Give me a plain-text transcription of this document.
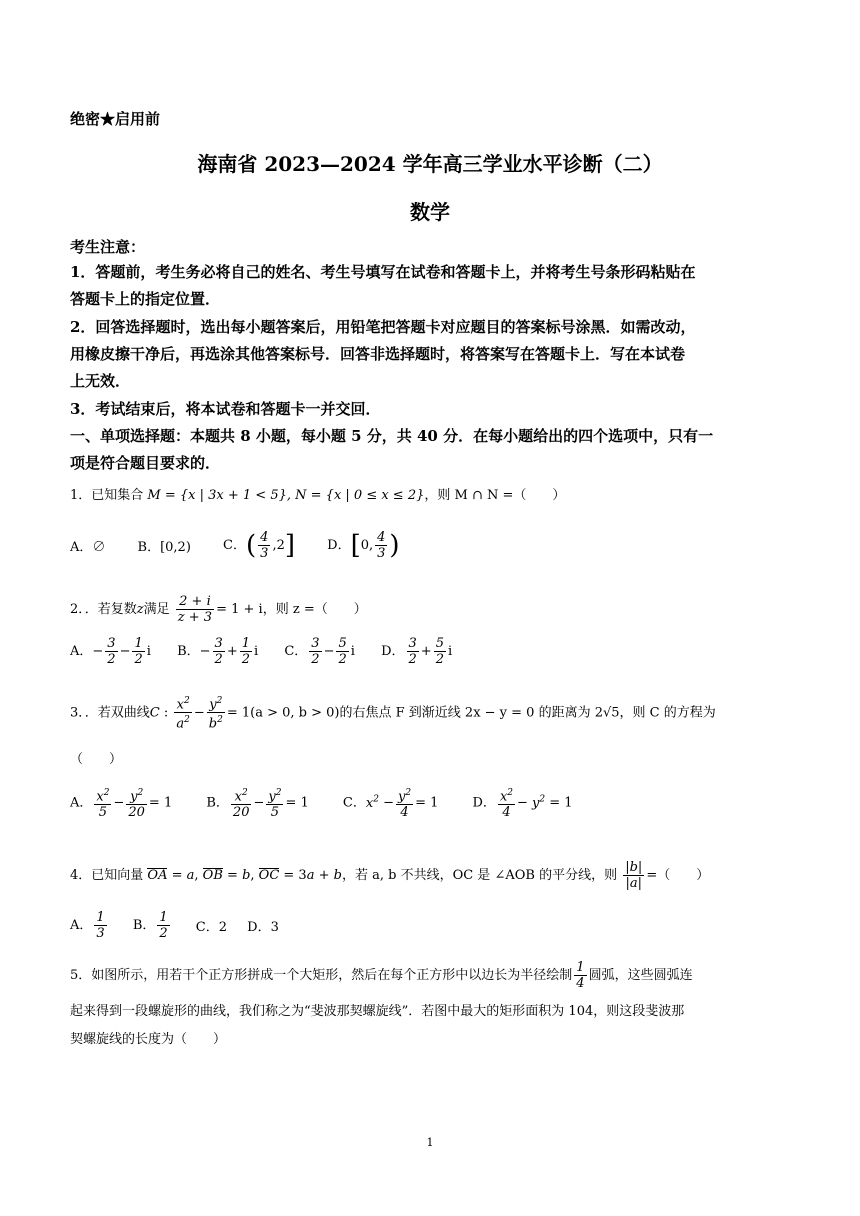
绝密★启用前
海南省 2023—2024 学年高三学业水平诊断（二）
数学
考生注意：
1．答题前，考生务必将自己的姓名、考生号填写在试卷和答题卡上，并将考生号条形码粘贴在
答题卡上的指定位置．
2．回答选择题时，选出每小题答案后，用铅笔把答题卡对应题目的答案标号涂黑．如需改动，
用橡皮擦干净后，再选涂其他答案标号．回答非选择题时，将答案写在答题卡上．写在本试卷
上无效．
3．考试结束后，将本试卷和答题卡一并交回．
一、单项选择题：本题共 8 小题，每小题 5 分，共 40 分．在每小题给出的四个选项中，只有一
项是符合题目要求的．
1．已知集合 M = {x | 3x + 1 < 5}, N = {x | 0 ≤ x ≤ 2}，则 M ∩ N =（　　）
A．∅ B．[0,2) C．( $\frac{4}{3} ,2$] D．[0, $\frac{4}{3}$ )
2．．若复数z满足 $\frac{2 + i}{z + 3} = 1 + i$，则 z =（　　）
A．− $\frac{3}{2} - \frac{1}{2}$ i B．− $\frac{3}{2} + \frac{1}{2}$ i C． $\frac{3}{2} - \frac{5}{2}$ i D． $\frac{3}{2} + \frac{5}{2}$ i
3．．若双曲线C : $\frac{x^2}{a^2} - \frac{y^2}{b^2} = 1(a > 0$, b > 0)的右焦点 F 到渐近线 2x − y = 0 的距离为 2√5，则 C 的方程为
（　　）
A． $\frac{x^2}{5} - \frac{y^2}{20} = 1$	B． $\frac{x^2}{20} - \frac{y^2}{5} = 1$	C．$x^2 - \frac{y^2}{4} = 1$	D． $\frac{x^2}{4} - y^2 = 1$
4．已知向量 OA = a, OB = b, OC = 3a + b，若 a, b 不共线，OC 是 ∠AOB 的平分线，则 $\frac{|b|}{|a|}$ =（　　）
A． $\frac{1}{3}$ B． $\frac{1}{2}$ C．2 D．3
5．如图所示，用若干个正方形拼成一个大矩形，然后在每个正方形中以边长为半径绘制 $\frac{1}{4}$ 圆弧，这些圆弧连
起来得到一段螺旋形的曲线，我们称之为“斐波那契螺旋线”．若图中最大的矩形面积为 104，则这段斐波那
契螺旋线的长度为（　　）
1
